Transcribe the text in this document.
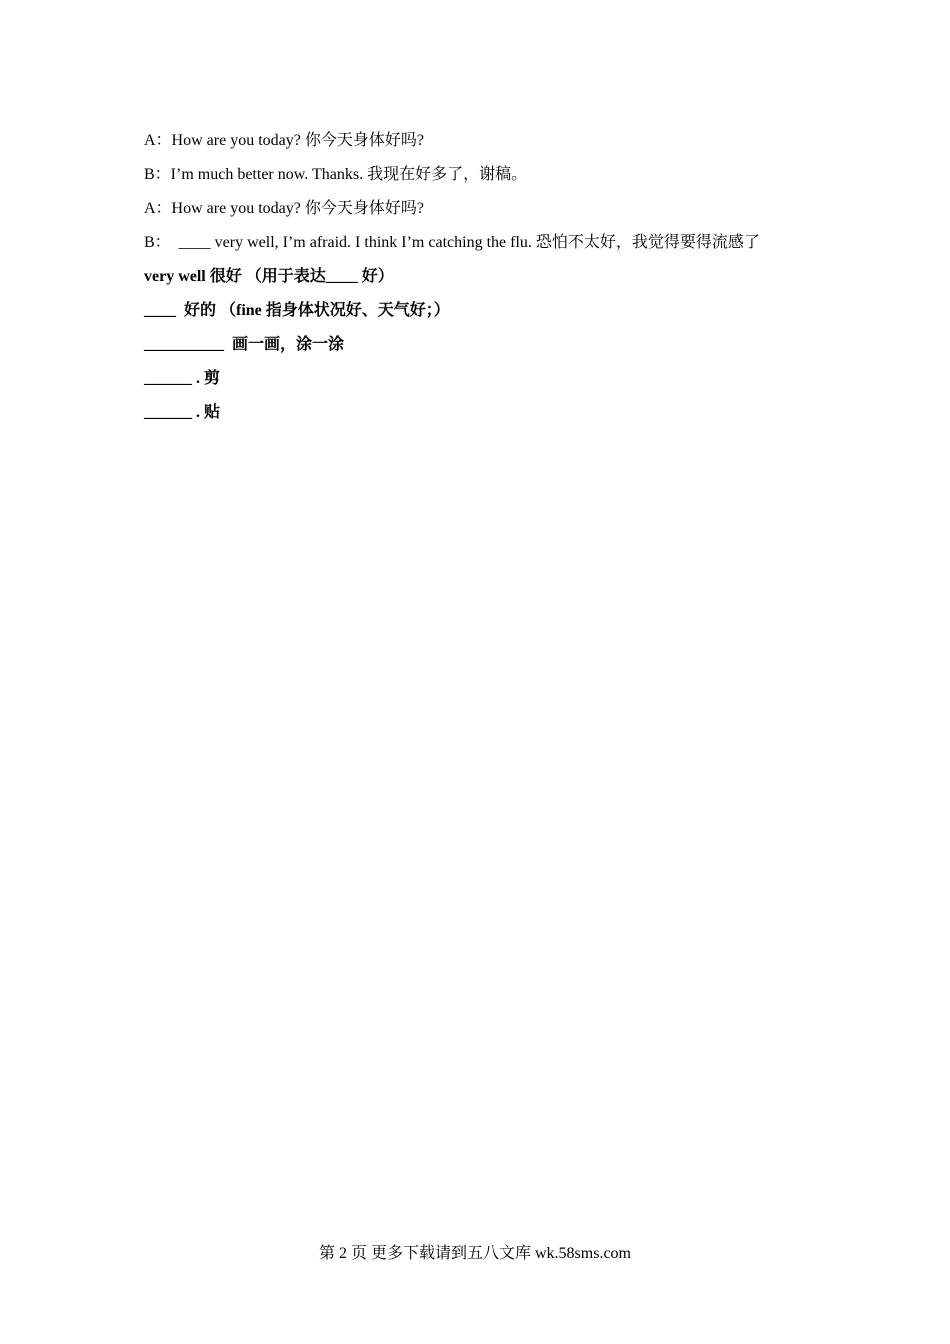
A：How are you today? 你今天身体好吗?

B：I’m much better now. Thanks. 我现在好多了，谢稿。

A：How are you today? 你今天身体好吗?

B：  ____ very well, I’m afraid. I think I’m catching the flu. 恐怕不太好，我觉得要得流感了

very well 很好 （用于表达____ 好）

____  好的 （fine 指身体状况好、天气好；）

__________  画一画，涂一涂

______ . 剪

______ . 贴

第 2 页 更多下载请到五八文库 wk.58sms.com
